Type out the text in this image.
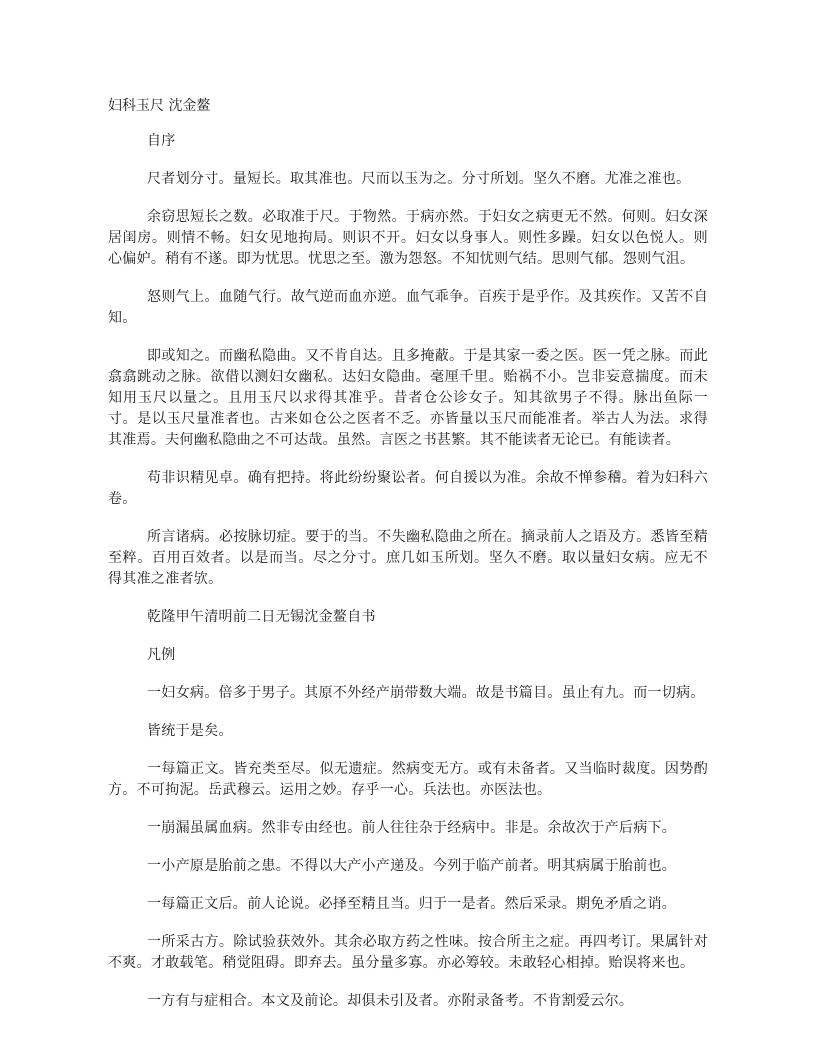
妇科玉尺 沈金鳌
自序
尺者划分寸。量短长。取其准也。尺而以玉为之。分寸所划。坚久不磨。尤准之准也。
余窃思短长之数。必取准于尺。于物然。于病亦然。于妇女之病更无不然。何则。妇女深居闺房。则情不畅。妇女见地拘局。则识不开。妇女以身事人。则性多躁。妇女以色悦人。则心偏妒。稍有不遂。即为忧思。忧思之至。激为怨怒。不知忧则气结。思则气郁。怨则气沮。
怒则气上。血随气行。故气逆而血亦逆。血气乖争。百疾于是乎作。及其疾作。又苦不自知。
即或知之。而幽私隐曲。又不肯自达。且多掩蔽。于是其家一委之医。医一凭之脉。而此翕翕跳动之脉。欲借以测妇女幽私。达妇女隐曲。毫厘千里。贻祸不小。岂非妄意揣度。而未知用玉尺以量之。且用玉尺以求得其准乎。昔者仓公诊女子。知其欲男子不得。脉出鱼际一寸。是以玉尺量准者也。古来如仓公之医者不乏。亦皆量以玉尺而能准者。举古人为法。求得其准焉。夫何幽私隐曲之不可达哉。虽然。言医之书甚繁。其不能读者无论已。有能读者。
苟非识精见卓。确有把持。将此纷纷聚讼者。何自援以为准。余故不惮参稽。着为妇科六卷。
所言诸病。必按脉切症。要于的当。不失幽私隐曲之所在。摘录前人之语及方。悉皆至精至粹。百用百效者。以是而当。尽之分寸。庶几如玉所划。坚久不磨。取以量妇女病。应无不得其准之准者欤。
乾隆甲午清明前二日无锡沈金鳌自书
凡例
一妇女病。倍多于男子。其原不外经产崩带数大端。故是书篇目。虽止有九。而一切病。
皆统于是矣。
一每篇正文。皆充类至尽。似无遗症。然病变无方。或有未备者。又当临时裁度。因势酌方。不可拘泥。岳武穆云。运用之妙。存乎一心。兵法也。亦医法也。
一崩漏虽属血病。然非专由经也。前人往往杂于经病中。非是。余故次于产后病下。
一小产原是胎前之患。不得以大产小产递及。今列于临产前者。明其病属于胎前也。
一每篇正文后。前人论说。必择至精且当。归于一是者。然后采录。期免矛盾之诮。
一所采古方。除试验获效外。其余必取方药之性味。按合所主之症。再四考订。果属针对不爽。才敢载笔。稍觉阻碍。即弃去。虽分量多寡。亦必筹较。未敢轻心相掉。贻误将来也。
一方有与症相合。本文及前论。却俱未引及者。亦附录备考。不肯割爱云尔。
